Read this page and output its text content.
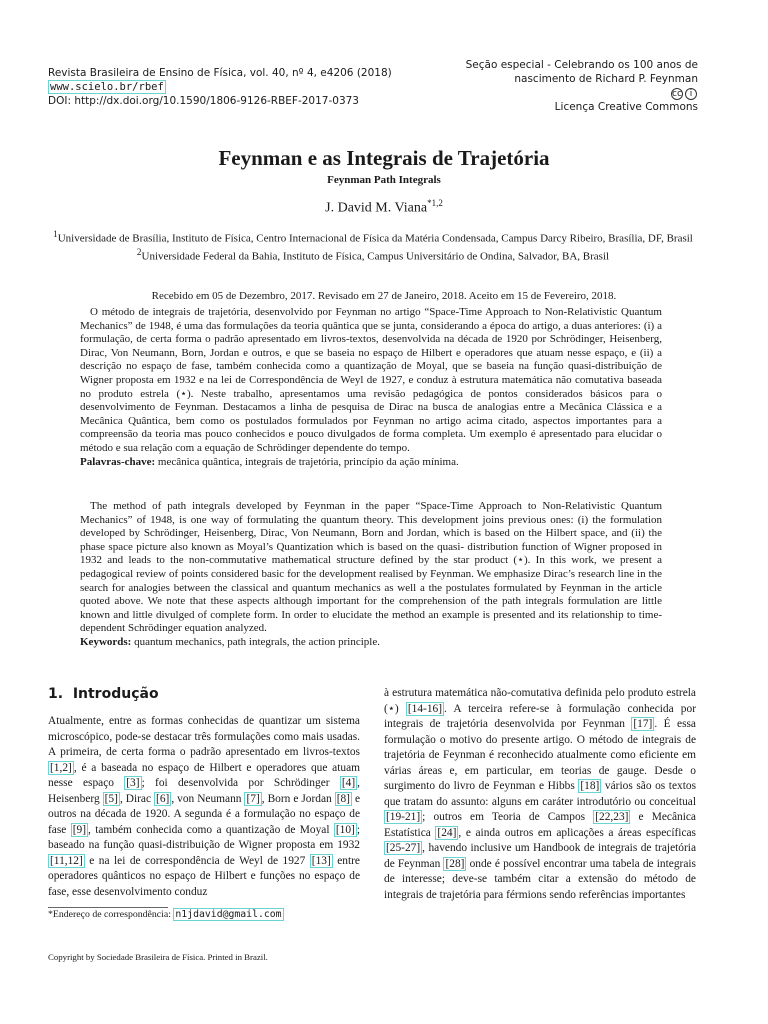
Revista Brasileira de Ensino de Física, vol. 40, nº 4, e4206 (2018)
www.scielo.br/rbef
DOI: http://dx.doi.org/10.1590/1806-9126-RBEF-2017-0373
Seção especial - Celebrando os 100 anos de
nascimento de Richard P. Feynman
cc i
Licença Creative Commons
Feynman e as Integrais de Trajetória
Feynman Path Integrals
J. David M. Viana$^{*1,2}$
$^1$Universidade de Brasília, Instituto de Física, Centro Internacional de Física da Matéria Condensada, Campus Darcy Ribeiro, Brasília, DF, Brasil
$^2$Universidade Federal da Bahia, Instituto de Física, Campus Universitário de Ondina, Salvador, BA, Brasil
Recebido em 05 de Dezembro, 2017. Revisado em 27 de Janeiro, 2018. Aceito em 15 de Fevereiro, 2018.

O método de integrais de trajetória, desenvolvido por Feynman no artigo “Space-Time Approach to Non-Relativistic Quantum Mechanics” de 1948, é uma das formulações da teoria quântica que se junta, considerando a época do artigo, a duas anteriores: (i) a formulação, de certa forma o padrão apresentado em livros-textos, desenvolvida na década de 1920 por Schrödinger, Heisenberg, Dirac, Von Neumann, Born, Jordan e outros, e que se baseia no espaço de Hilbert e operadores que atuam nesse espaço, e (ii) a descrição no espaço de fase, também conhecida como a quantização de Moyal, que se baseia na função quasi-distribuição de Wigner proposta em 1932 e na lei de Correspondência de Weyl de 1927, e conduz à estrutura matemática não comutativa baseada no produto estrela (⋆). Neste trabalho, apresentamos uma revisão pedagógica de pontos considerados básicos para o desenvolvimento de Feynman. Destacamos a linha de pesquisa de Dirac na busca de analogias entre a Mecânica Clássica e a Mecânica Quântica, bem como os postulados formulados por Feynman no artigo acima citado, aspectos importantes para a compreensão da teoria mas pouco conhecidos e pouco divulgados de forma completa. Um exemplo é apresentado para elucidar o método e sua relação com a equação de Schrödinger dependente do tempo.

Palavras-chave: mecânica quântica, integrais de trajetória, princípio da ação mínima.

The method of path integrals developed by Feynman in the paper “Space-Time Approach to Non-Relativistic Quantum Mechanics” of 1948, is one way of formulating the quantum theory. This development joins previous ones: (i) the formulation developed by Schrödinger, Heisenberg, Dirac, Von Neumann, Born and Jordan, which is based on the Hilbert space, and (ii) the phase space picture also known as Moyal’s Quantization which is based on the quasi- distribution function of Wigner proposed in 1932 and leads to the non-commutative mathematical structure defined by the star product (⋆). In this work, we present a pedagogical review of points considered basic for the development realised by Feynman. We emphasize Dirac’s research line in the search for analogies between the classical and quantum mechanics as well a the postulates formulated by Feynman in the article quoted above. We note that these aspects although important for the comprehension of the path integrals formulation are little known and little divulged of complete form. In order to elucidate the method an example is presented and its relationship to time-dependent Schrödinger equation analyzed.

Keywords: quantum mechanics, path integrals, the action principle.
1. Introdução

Atualmente, entre as formas conhecidas de quantizar um sistema microscópico, pode-se destacar três formulações como mais usadas. A primeira, de certa forma o padrão apresentado em livros-textos [1,2] , é a baseada no espaço de Hilbert e operadores que atuam nesse espaço [3] ; foi desenvolvida por Schrödinger [4] , Heisenberg [5] , Dirac [6] , von Neumann [7] , Born e Jordan [8] e outros na década de 1920. A segunda é a formulação no espaço de fase [9] , também conhecida como a quantização de Moyal [10] ; baseado na função quasi-distribuição de Wigner proposta em 1932 [11,12] e na lei de correspondência de Weyl de 1927 [13] entre operadores quânticos no espaço de Hilbert e funções no espaço de fase, esse desenvolvimento conduz

à estrutura matemática não-comutativa definida pelo produto estrela (⋆) [14-16] . A terceira refere-se à formulação conhecida por integrais de trajetória desenvolvida por Feynman [17] . É essa formulação o motivo do presente artigo. O método de integrais de trajetória de Feynman é reconhecido atualmente como eficiente em várias áreas e, em particular, em teorias de gauge. Desde o surgimento do livro de Feynman e Hibbs [18] vários são os textos que tratam do assunto: alguns em caráter introdutório ou conceitual [19-21] ; outros em Teoria de Campos [22,23] e Mecânica Estatística [24] , e ainda outros em aplicações a áreas específicas [25-27] , havendo inclusive um Handbook de integrais de trajetória de Feynman [28] onde é possível encontrar uma tabela de integrais de interesse; deve-se também citar a extensão do método de integrais de trajetória para férmions sendo referências importantes

*Endereço de correspondência: n1jdavid@gmail.com
Copyright by Sociedade Brasileira de Física. Printed in Brazil.
